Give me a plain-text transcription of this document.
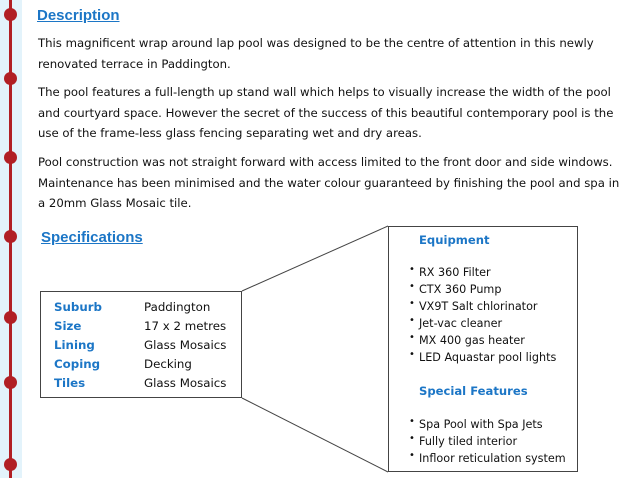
Description
This magnificent wrap around lap pool was designed to be the centre of attention in this newly
renovated terrace in Paddington.
The pool features a full-length up stand wall which helps to visually increase the width of the pool
and courtyard space. However the secret of the success of this beautiful contemporary pool is the
use of the frame-less glass fencing separating wet and dry areas.
Pool construction was not straight forward with access limited to the front door and side windows.
Maintenance has been minimised and the water colour guaranteed by finishing the pool and spa in
a 20mm Glass Mosaic tile.
Specifications
Suburb	Paddington
Size	17 x 2 metres
Lining	Glass Mosaics
Coping	Decking
Tiles	Glass Mosaics
Equipment
• RX 360 Filter
• CTX 360 Pump
• VX9T Salt chlorinator
• Jet-vac cleaner
• MX 400 gas heater
• LED Aquastar pool lights
Special Features
• Spa Pool with Spa Jets
• Fully tiled interior
• Infloor reticulation system
